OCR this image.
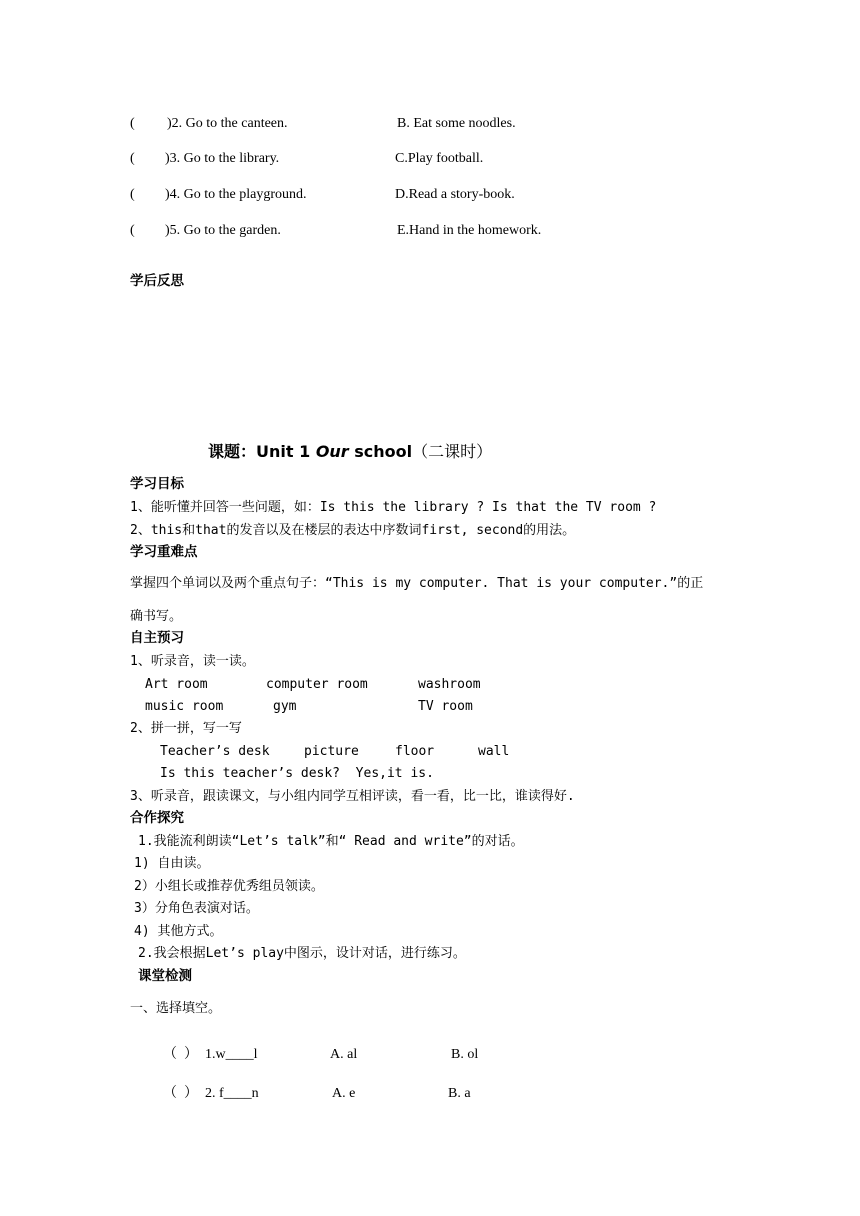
( )2. Go to the canteen.	B. Eat some noodles.
( )3. Go to the library.	C.Play football.
( )4. Go to the playground.	D.Read a story-book.
( )5. Go to the garden.	E.Hand in the homework.
学后反思
课题：Unit 1 Our school（二课时）
学习目标
1、能听懂并回答一些问题，如：Is this the library ? Is that the TV room ?
2、this和that的发音以及在楼层的表达中序数词first, second的用法。
学习重难点
掌握四个单词以及两个重点句子：“This is my computer. That is your computer.”的正
确书写。
自主预习
1、听录音，读一读。
Art room	computer room	washroom
music room	gym	TV room
2、拼一拼，写一写
Teacher’s desk	picture	floor	wall
Is this teacher’s desk?  Yes,it is.
3、听录音，跟读课文，与小组内同学互相评读，看一看，比一比，谁读得好.
合作探究
1.我能流利朗读“Let’s talk”和“ Read and write”的对话。
1) 自由读。
2）小组长或推荐优秀组员领读。
3）分角色表演对话。
4) 其他方式。
2.我会根据Let’s play中图示，设计对话，进行练习。
课堂检测
一、选择填空。
（  ） 1.w____l	A. al	B. ol
（  ） 2. f____n	A. e	B. a
